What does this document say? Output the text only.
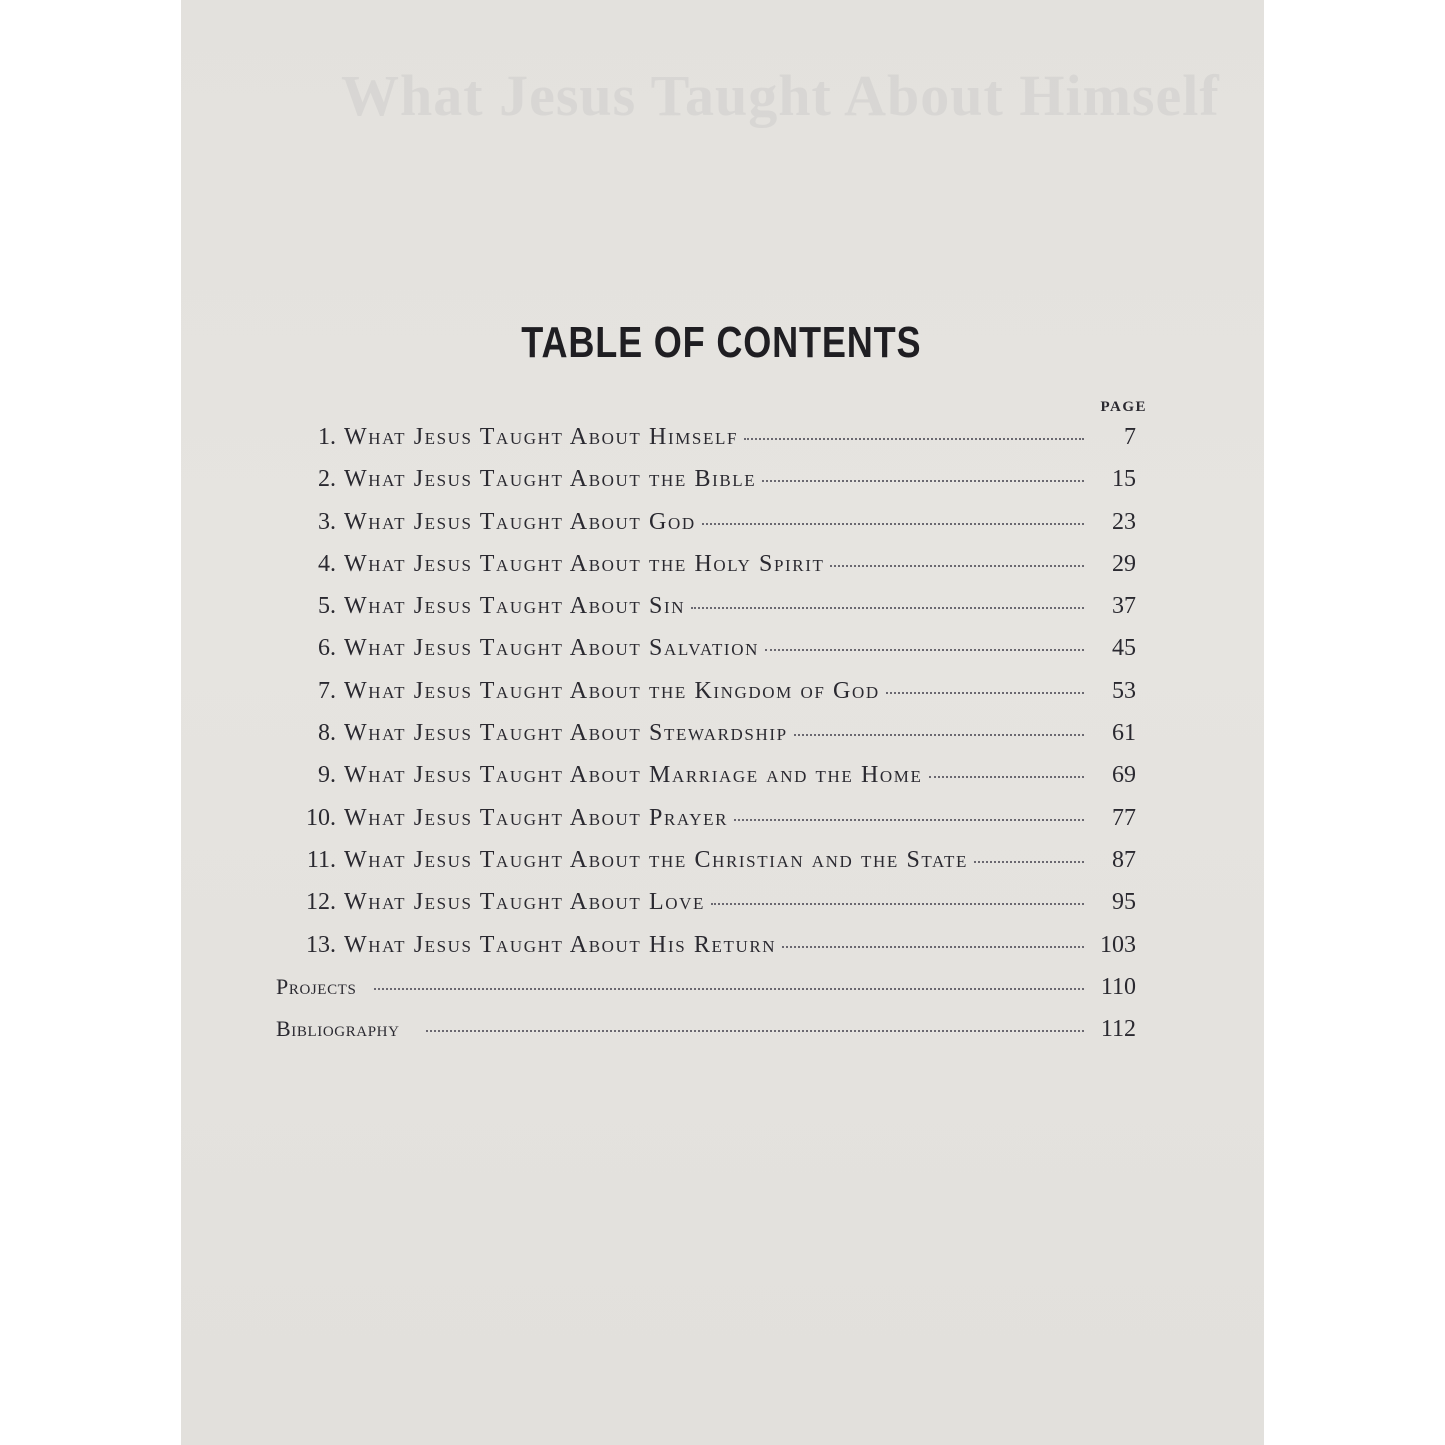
What Jesus Taught About Himself
TABLE OF CONTENTS
PAGE
1. What Jesus Taught About Himself	7
2. What Jesus Taught About the Bible	15
3. What Jesus Taught About God	23
4. What Jesus Taught About the Holy Spirit	29
5. What Jesus Taught About Sin	37
6. What Jesus Taught About Salvation	45
7. What Jesus Taught About the Kingdom of God	53
8. What Jesus Taught About Stewardship	61
9. What Jesus Taught About Marriage and the Home	69
10. What Jesus Taught About Prayer	77
11. What Jesus Taught About the Christian and the State	87
12. What Jesus Taught About Love	95
13. What Jesus Taught About His Return	103
Projects	110
Bibliography	112
